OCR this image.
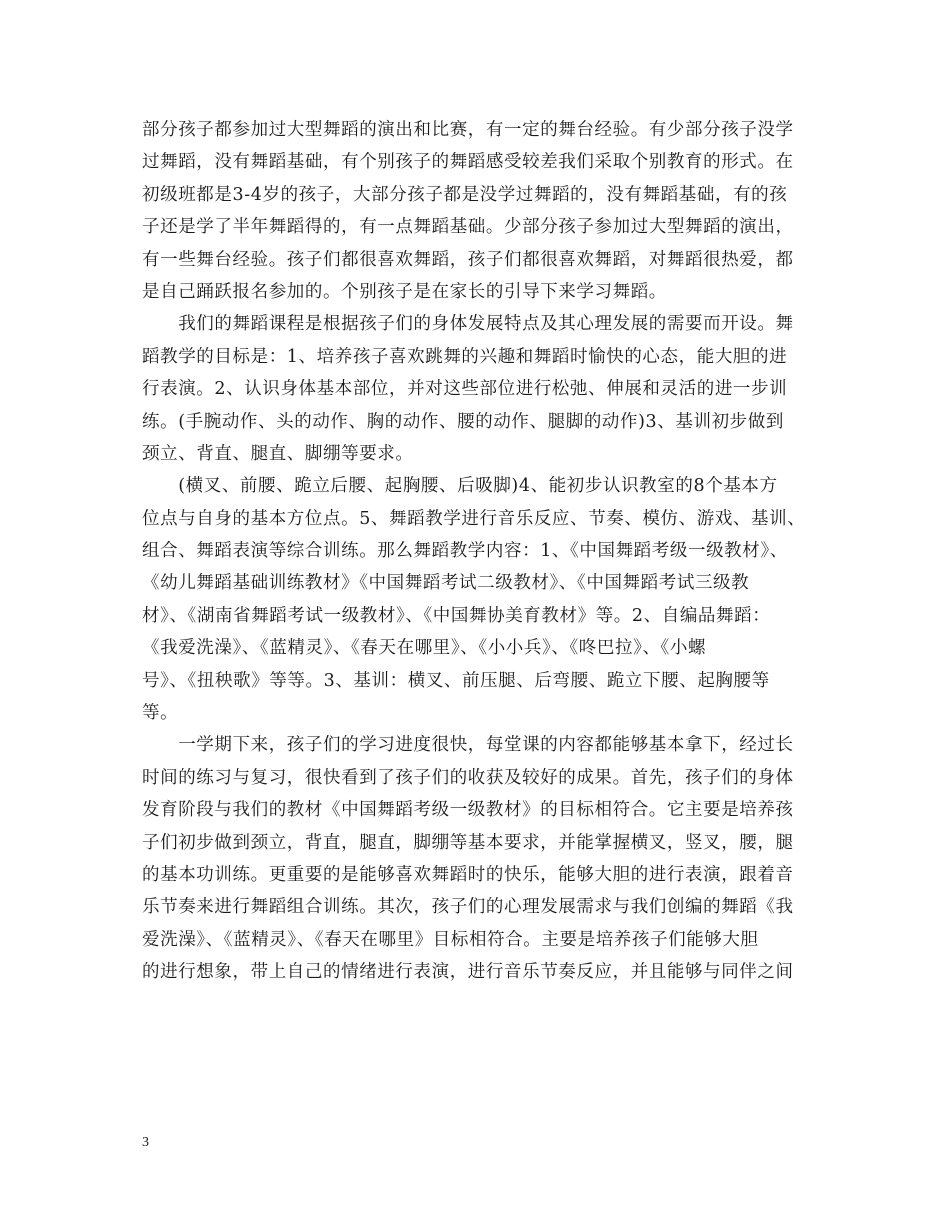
部分孩子都参加过大型舞蹈的演出和比赛，有一定的舞台经验。有少部分孩子没学
过舞蹈，没有舞蹈基础，有个别孩子的舞蹈感受较差我们采取个别教育的形式。在
初级班都是3-4岁的孩子，大部分孩子都是没学过舞蹈的，没有舞蹈基础，有的孩
子还是学了半年舞蹈得的，有一点舞蹈基础。少部分孩子参加过大型舞蹈的演出，
有一些舞台经验。孩子们都很喜欢舞蹈，孩子们都很喜欢舞蹈，对舞蹈很热爱，都
是自己踊跃报名参加的。个别孩子是在家长的引导下来学习舞蹈。

　　我们的舞蹈课程是根据孩子们的身体发展特点及其心理发展的需要而开设。舞
蹈教学的目标是：1、培养孩子喜欢跳舞的兴趣和舞蹈时愉快的心态，能大胆的进
行表演。2、认识身体基本部位，并对这些部位进行松弛、伸展和灵活的进一步训
练。(手腕动作、头的动作、胸的动作、腰的动作、腿脚的动作)3、基训初步做到
颈立、背直、腿直、脚绷等要求。

　　(横叉、前腰、跪立后腰、起胸腰、后吸脚)4、能初步认识教室的8个基本方
位点与自身的基本方位点。5、舞蹈教学进行音乐反应、节奏、模仿、游戏、基训、
组合、舞蹈表演等综合训练。那么舞蹈教学内容：1、《中国舞蹈考级一级教材》、
《幼儿舞蹈基础训练教材》《中国舞蹈考试二级教材》、《中国舞蹈考试三级教
材》、《湖南省舞蹈考试一级教材》、《中国舞协美育教材》等。2、自编品舞蹈：
《我爱洗澡》、《蓝精灵》、《春天在哪里》、《小小兵》、《咚巴拉》、《小螺
号》、《扭秧歌》等等。3、基训：横叉、前压腿、后弯腰、跪立下腰、起胸腰等
等。

　　一学期下来，孩子们的学习进度很快，每堂课的内容都能够基本拿下，经过长
时间的练习与复习，很快看到了孩子们的收获及较好的成果。首先，孩子们的身体
发育阶段与我们的教材《中国舞蹈考级一级教材》的目标相符合。它主要是培养孩
子们初步做到颈立，背直，腿直，脚绷等基本要求，并能掌握横叉，竖叉，腰，腿
的基本功训练。更重要的是能够喜欢舞蹈时的快乐，能够大胆的进行表演，跟着音
乐节奏来进行舞蹈组合训练。其次，孩子们的心理发展需求与我们创编的舞蹈《我
爱洗澡》、《蓝精灵》、《春天在哪里》目标相符合。主要是培养孩子们能够大胆
的进行想象，带上自己的情绪进行表演，进行音乐节奏反应，并且能够与同伴之间

3
